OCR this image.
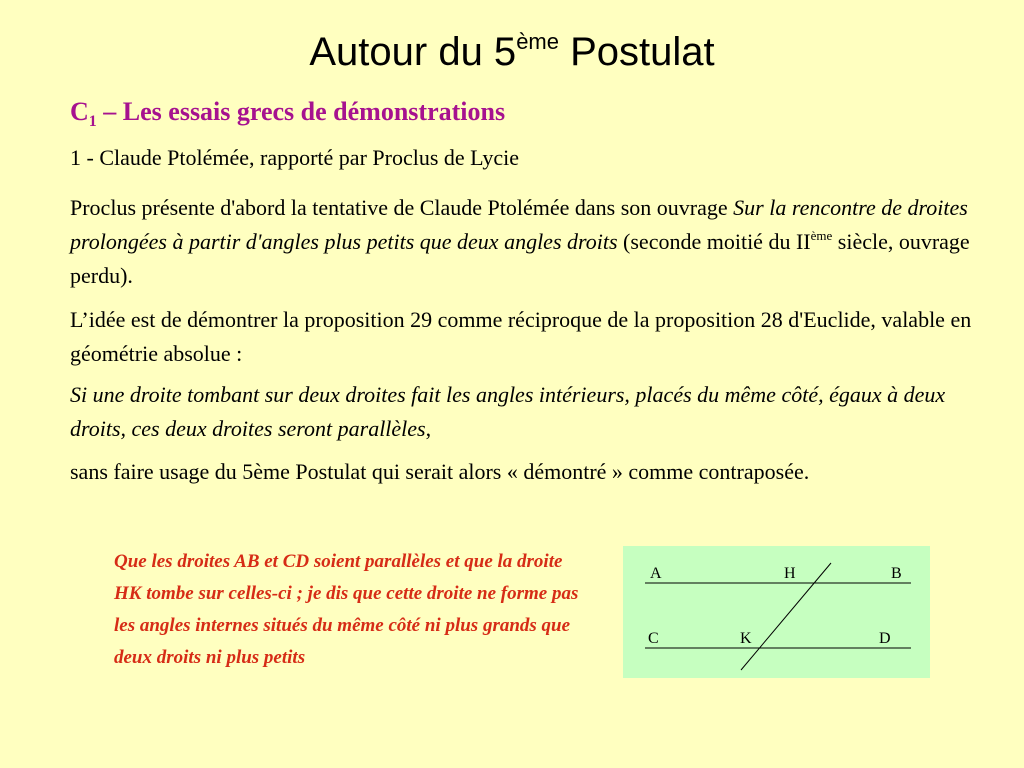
Autour du 5ème Postulat
$C_1$ – Les essais grecs de démonstrations

1 - Claude Ptolémée, rapporté par Proclus de Lycie

Proclus présente d'abord la tentative de Claude Ptolémée dans son ouvrage Sur la rencontre de droites prolongées à partir d'angles plus petits que deux angles droits (seconde moitié du IIème siècle, ouvrage perdu).

L’idée est de démontrer la proposition 29 comme réciproque de la proposition 28 d'Euclide, valable en géométrie absolue :

Si une droite tombant sur deux droites fait les angles intérieurs, placés du même côté, égaux à deux droits, ces deux droites seront parallèles,

sans faire usage du 5ème Postulat qui serait alors « démontré » comme contraposée.

Que les droites AB et CD soient parallèles et que la droite HK tombe sur celles-ci ; je dis que cette droite ne forme pas les angles internes situés du même côté ni plus grands que deux droits ni plus petits

A	H	B
C	K	D
